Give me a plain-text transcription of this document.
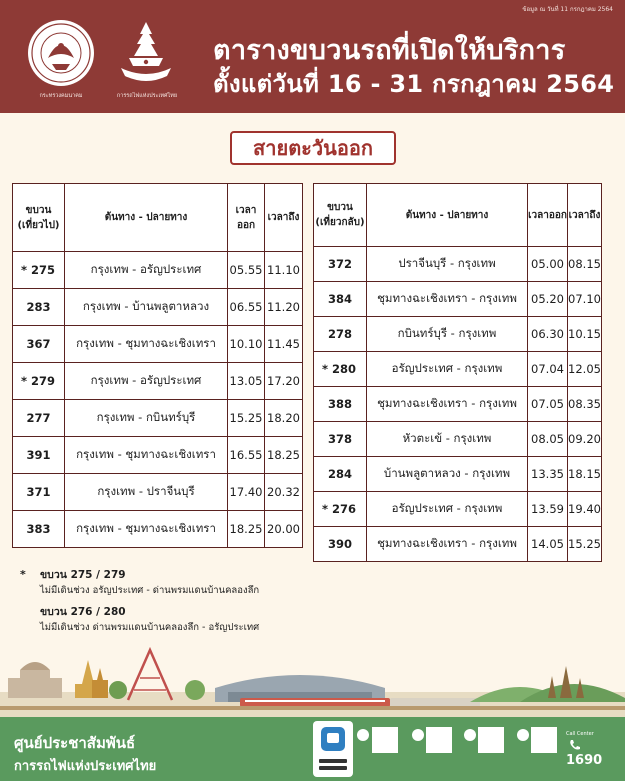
ข้อมูล ณ วันที่ 11 กรกฎาคม 2564
กระทรวงคมนาคม	การรถไฟแห่งประเทศไทย
ตารางขบวนรถที่เปิดให้บริการ
ตั้งแต่วันที่ 16 - 31 กรกฎาคม 2564
สายตะวันออก
ขบวน
(เที่ยวไป)	ต้นทาง - ปลายทาง	เวลา
ออก	เวลาถึง
* 275	กรุงเทพ - อรัญประเทศ	05.55	11.10
283	กรุงเทพ - บ้านพลูตาหลวง	06.55	11.20
367	กรุงเทพ - ชุมทางฉะเชิงเทรา	10.10	11.45
* 279	กรุงเทพ - อรัญประเทศ	13.05	17.20
277	กรุงเทพ - กบินทร์บุรี	15.25	18.20
391	กรุงเทพ - ชุมทางฉะเชิงเทรา	16.55	18.25
371	กรุงเทพ - ปราจีนบุรี	17.40	20.32
383	กรุงเทพ - ชุมทางฉะเชิงเทรา	18.25	20.00
ขบวน
(เที่ยวกลับ)	ต้นทาง - ปลายทาง	เวลาออก	เวลาถึง
372	ปราจีนบุรี - กรุงเทพ	05.00	08.15
384	ชุมทางฉะเชิงเทรา - กรุงเทพ	05.20	07.10
278	กบินทร์บุรี - กรุงเทพ	06.30	10.15
* 280	อรัญประเทศ - กรุงเทพ	07.04	12.05
388	ชุมทางฉะเชิงเทรา - กรุงเทพ	07.05	08.35
378	หัวตะเข้ - กรุงเทพ	08.05	09.20
284	บ้านพลูตาหลวง - กรุงเทพ	13.35	18.15
* 276	อรัญประเทศ - กรุงเทพ	13.59	19.40
390	ชุมทางฉะเชิงเทรา - กรุงเทพ	14.05	15.25
* ขบวน 275 / 279
ไม่มีเดินช่วง อรัญประเทศ - ด่านพรมแดนบ้านคลองลึก
ขบวน 276 / 280
ไม่มีเดินช่วง ด่านพรมแดนบ้านคลองลึก - อรัญประเทศ
ศูนย์ประชาสัมพันธ์
การรถไฟแห่งประเทศไทย
Call Center
1690
